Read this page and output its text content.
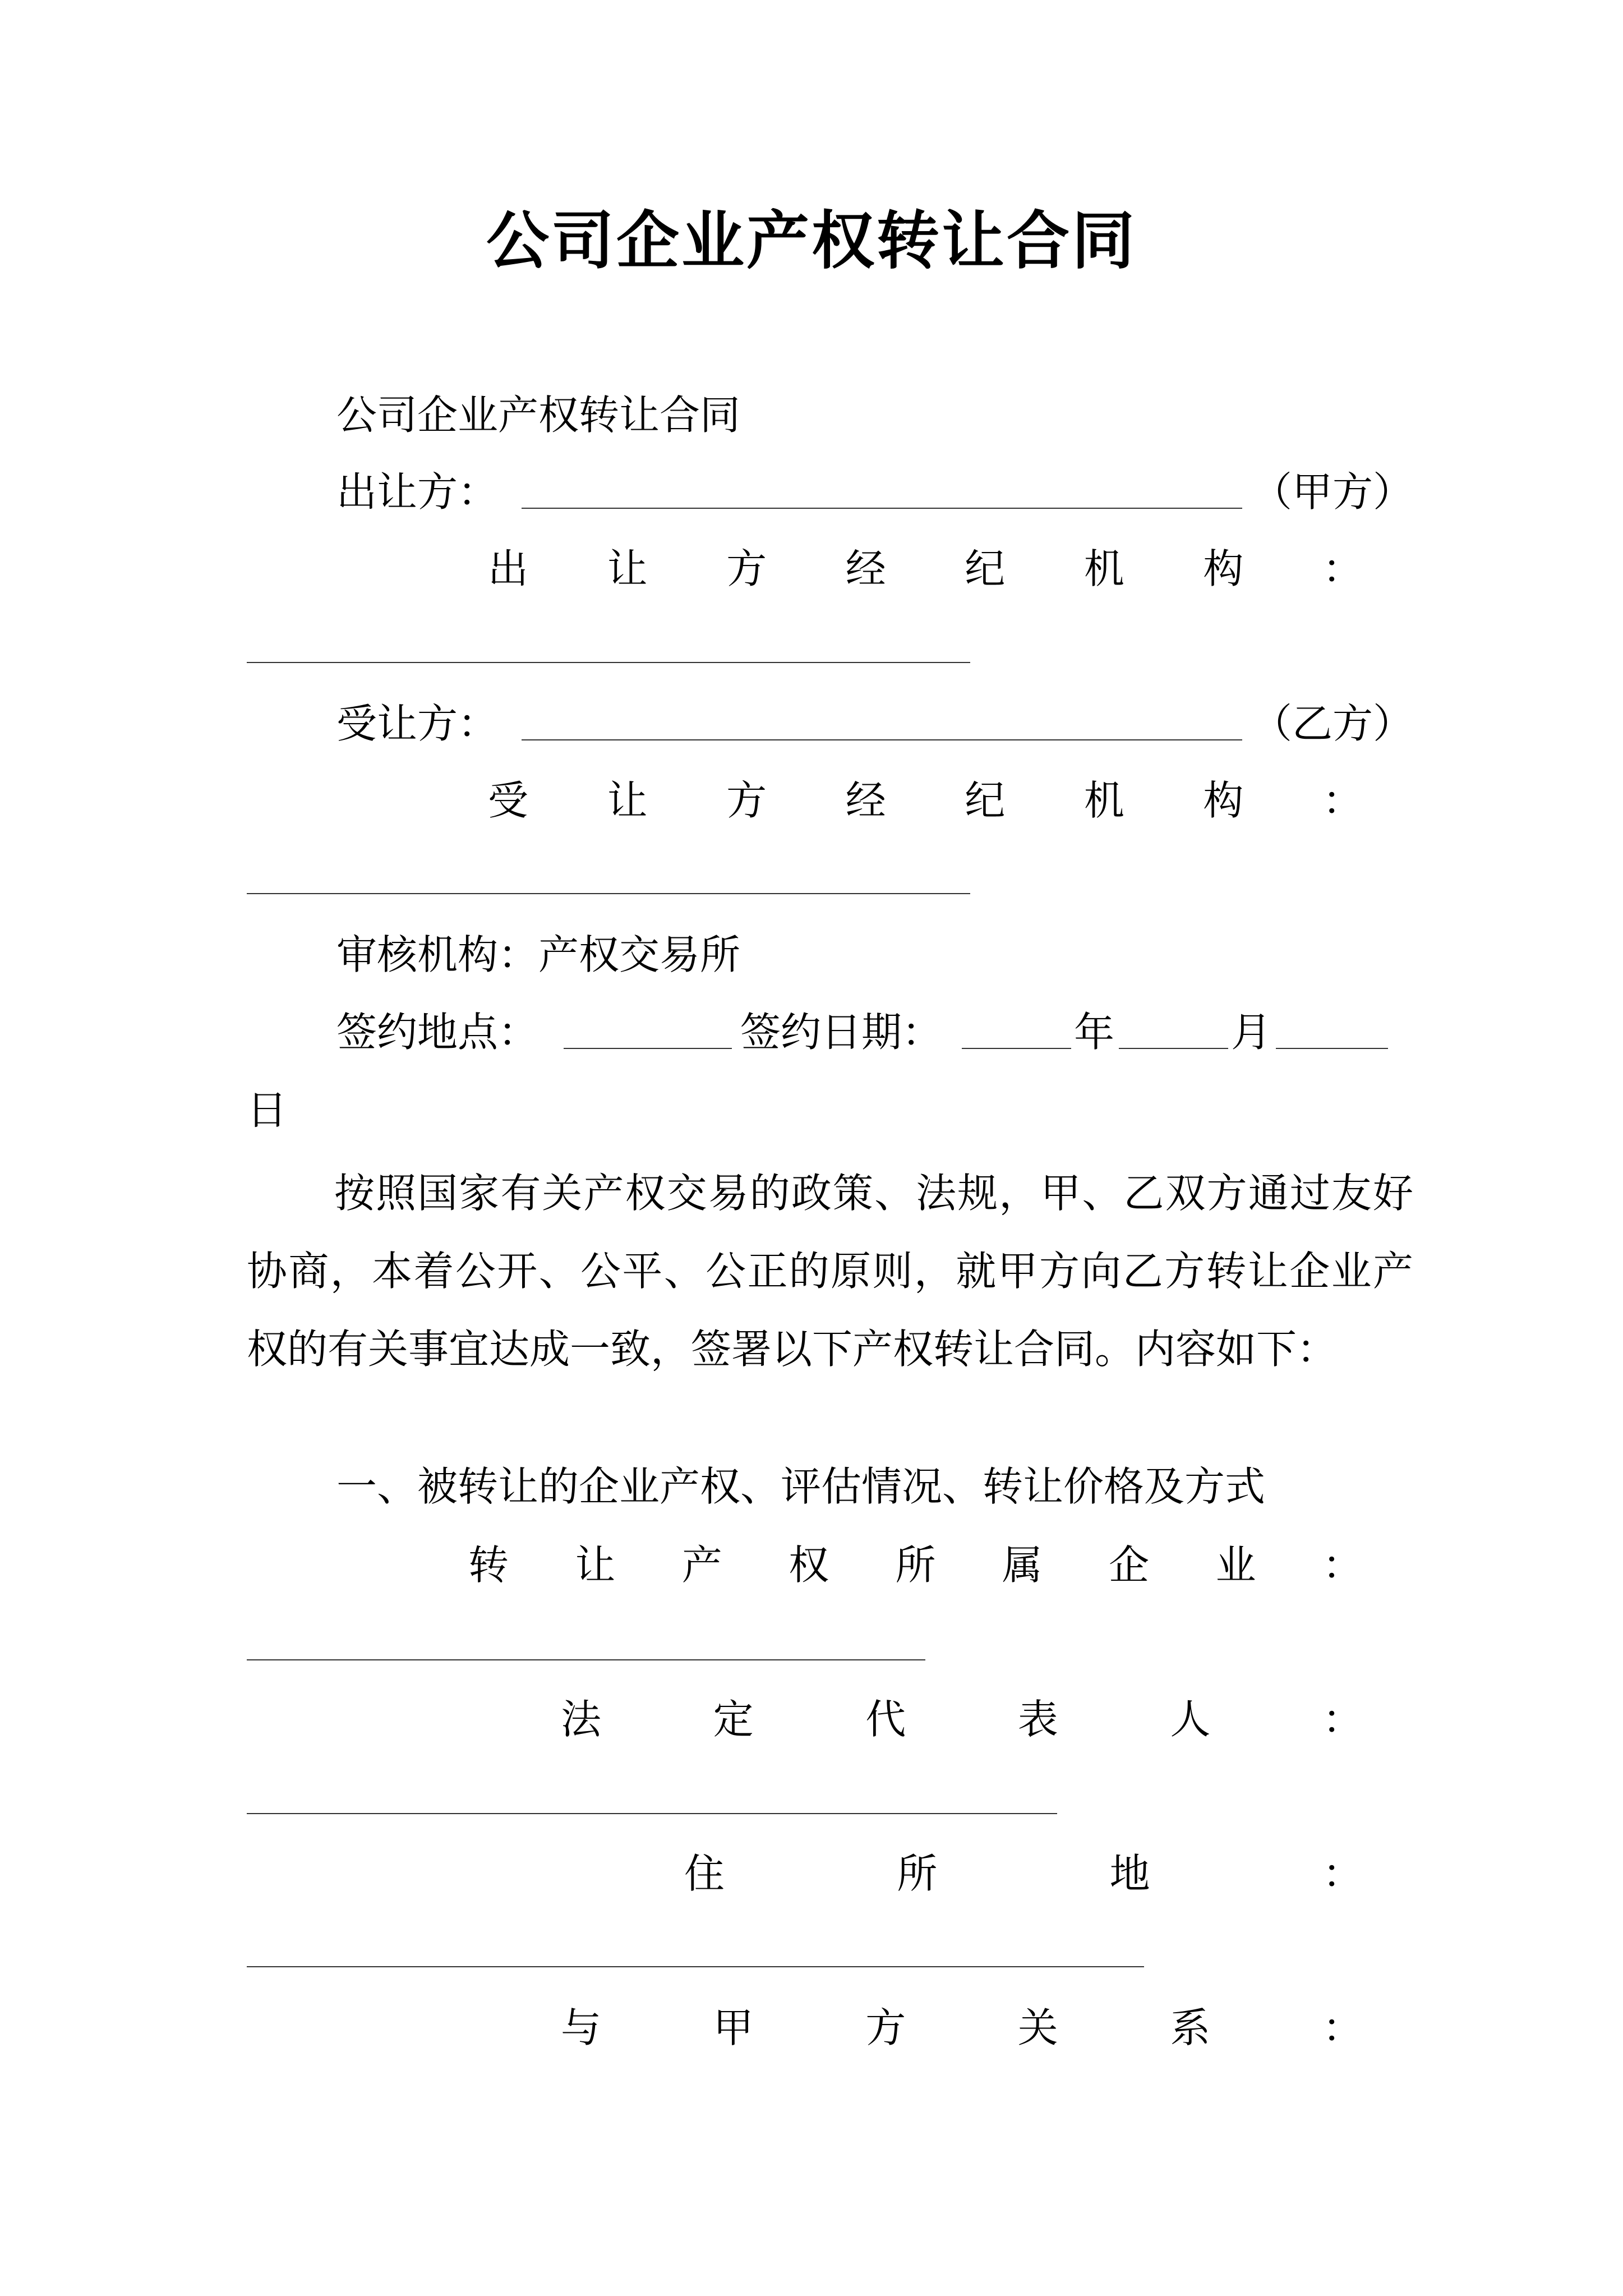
公司企业产权转让合同
公司企业产权转让合同
出让方：	（甲方）
出 让 方 经 纪 机 构 ：
受让方：	（乙方）
受 让 方 经 纪 机 构 ：
审核机构：产权交易所
签约地点：	签约日期：	年	月
日
按照国家有关产权交易的政策、法规，甲、乙双方通过友好协商，本着公开、公平、公正的原则，就甲方向乙方转让企业产权的有关事宜达成一致，签署以下产权转让合同。内容如下：
一、被转让的企业产权、评估情况、转让价格及方式
转 让 产 权 所 属 企 业 ：
法	定	代	表	人	：
住	所	地	：
与	甲	方	关	系	：
